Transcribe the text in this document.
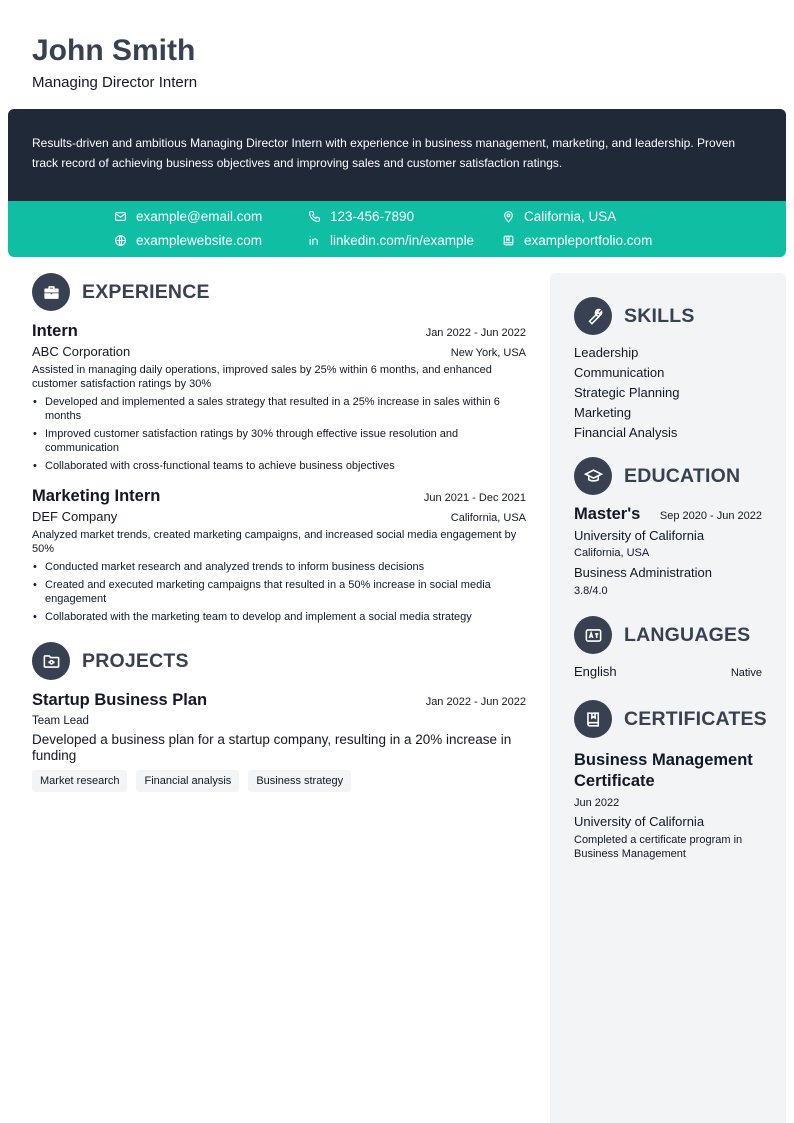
John Smith
Managing Director Intern
Results-driven and ambitious Managing Director Intern with experience in business management, marketing, and leadership. Proven track record of achieving business objectives and improving sales and customer satisfaction ratings.
example@email.com	123-456-7890	California, USA
examplewebsite.com	linkedin.com/in/example	exampleportfolio.com
EXPERIENCE
Intern	Jan 2022 - Jun 2022
ABC Corporation	New York, USA
Assisted in managing daily operations, improved sales by 25% within 6 months, and enhanced customer satisfaction ratings by 30%
• Developed and implemented a sales strategy that resulted in a 25% increase in sales within 6 months
• Improved customer satisfaction ratings by 30% through effective issue resolution and communication
• Collaborated with cross-functional teams to achieve business objectives
Marketing Intern	Jun 2021 - Dec 2021
DEF Company	California, USA
Analyzed market trends, created marketing campaigns, and increased social media engagement by 50%
• Conducted market research and analyzed trends to inform business decisions
• Created and executed marketing campaigns that resulted in a 50% increase in social media engagement
• Collaborated with the marketing team to develop and implement a social media strategy
PROJECTS
Startup Business Plan	Jan 2022 - Jun 2022
Team Lead
Developed a business plan for a startup company, resulting in a 20% increase in funding
Market research	Financial analysis	Business strategy
SKILLS
Leadership
Communication
Strategic Planning
Marketing
Financial Analysis
EDUCATION
Master's Sep 2020 - Jun 2022
University of California
California, USA
Business Administration
3.8/4.0
LANGUAGES
English	Native
CERTIFICATES
Business Management Certificate
Jun 2022
University of California
Completed a certificate program in Business Management
